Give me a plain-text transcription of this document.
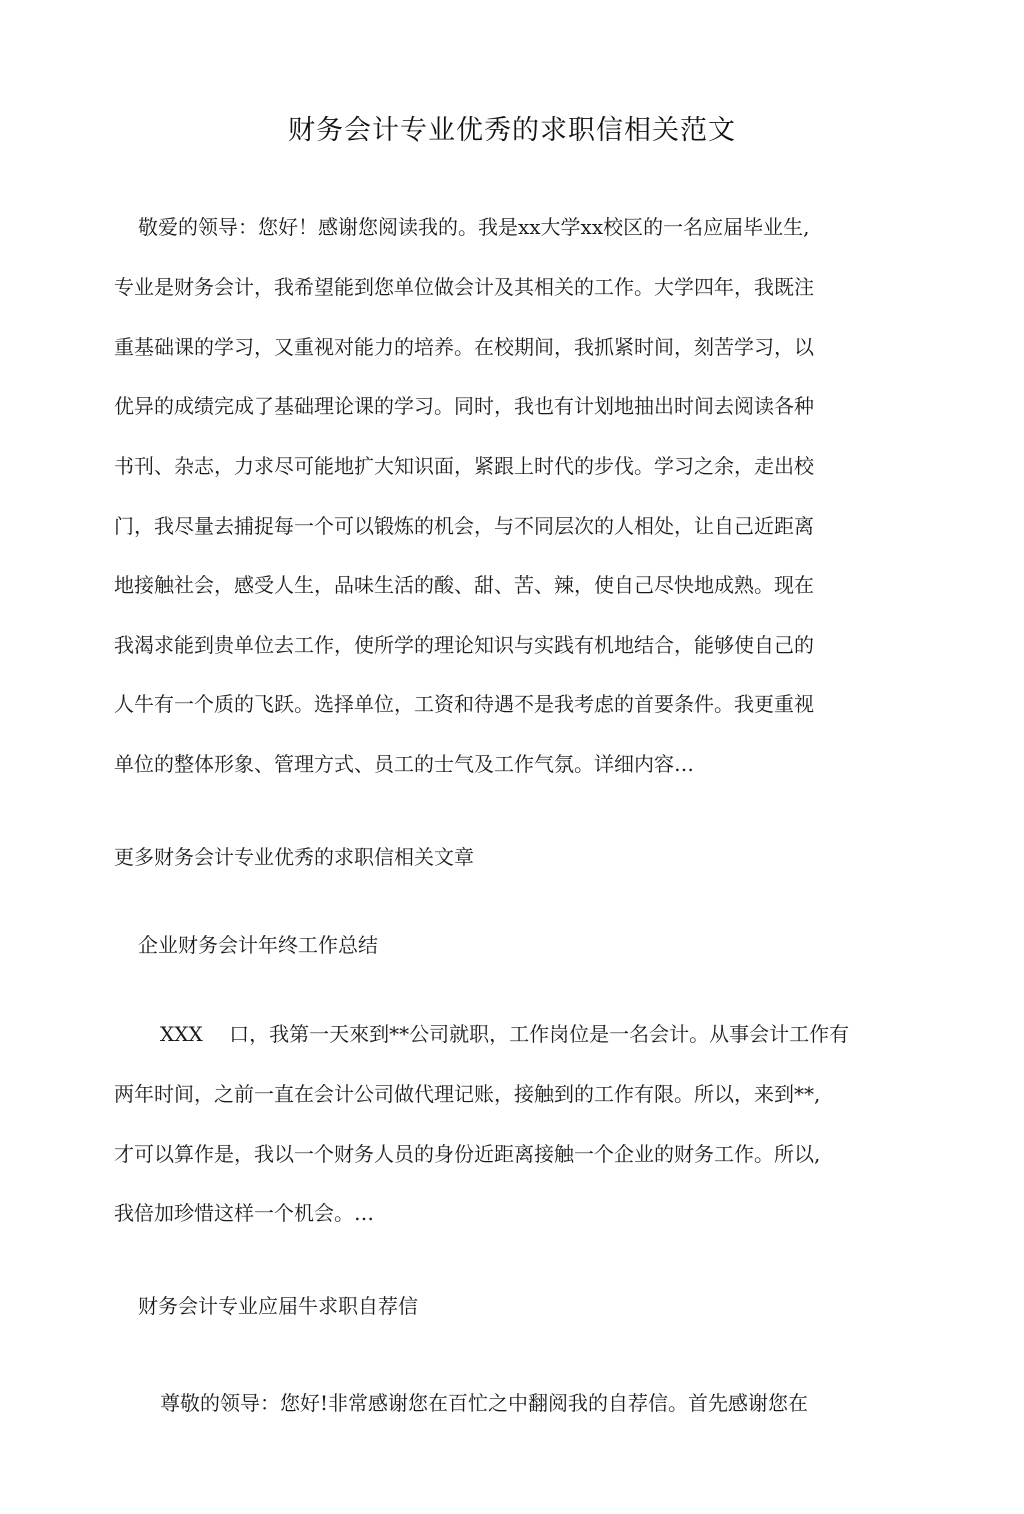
财务会计专业优秀的求职信相关范文
敬爱的领导：您好！感谢您阅读我的。我是xx大学xx校区的一名应届毕业生,
专业是财务会计，我希望能到您单位做会计及其相关的工作。大学四年，我既注
重基础课的学习，又重视对能力的培养。在校期间，我抓紧时间，刻苦学习，以
优异的成绩完成了基础理论课的学习。同时，我也有计划地抽出时间去阅读各种
书刊、杂志，力求尽可能地扩大知识面，紧跟上时代的步伐。学习之余，走出校
门，我尽量去捕捉每一个可以锻炼的机会，与不同层次的人相处，让自己近距离
地接触社会，感受人生，品味生活的酸、甜、苦、辣，使自己尽快地成熟。现在
我渴求能到贵单位去工作，使所学的理论知识与实践有机地结合，能够使自己的
人牛有一个质的飞跃。选择单位，工资和待遇不是我考虑的首要条件。我更重视
单位的整体形象、管理方式、员工的士气及工作气氛。详细内容…
更多财务会计专业优秀的求职信相关文章
企业财务会计年终工作总结
XXX　 口，我第一天來到**公司就职，工作岗位是一名会计。从事会计工作有
两年时间，之前一直在会计公司做代理记账，接触到的工作有限。所以，来到**,
才可以算作是，我以一个财务人员的身份近距离接触一个企业的财务工作。所以,
我倍加珍惜这样一个机会。…
财务会计专业应届牛求职自荐信
尊敬的领导：您好!非常感谢您在百忙之中翻阅我的自荐信。首先感谢您在
